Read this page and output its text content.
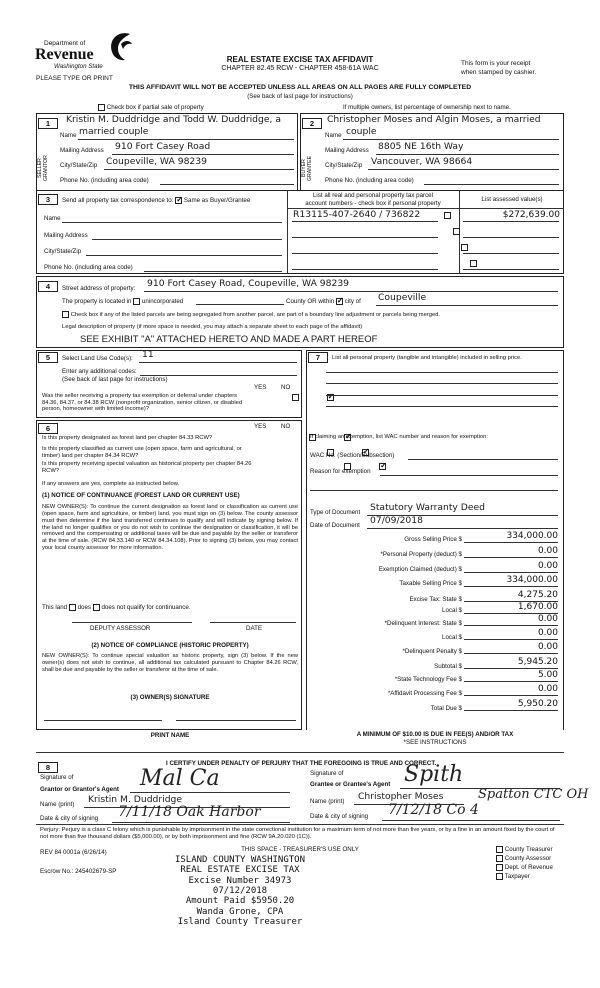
Department of
Revenue
Washington State
PLEASE TYPE OR PRINT
REAL ESTATE EXCISE TAX AFFIDAVIT
CHAPTER 82.45 RCW - CHAPTER 458-61A WAC
This form is your receipt
when stamped by cashier.
THIS AFFIDAVIT WILL NOT BE ACCEPTED UNLESS ALL AREAS ON ALL PAGES ARE FULLY COMPLETED
(See back of last page for instructions)
Check box if partial sale of property	If multiple owners, list percentage of ownership next to name.
1	2
SELLER GRANTOR	BUYER GRANTEE
Kristin M. Duddridge and Todd W. Duddridge, a
Name married couple
Mailing Address 910 Fort Casey Road
City/State/Zip Coupeville, WA 98239
Phone No. (including area code)
Christopher Moses and Algin Moses, a married
Name couple
Mailing Address 8805 NE 16th Way
City/State/Zip Vancouver, WA 98664
Phone No. (including area code)
3	Send all property tax correspondence to: ✓ Same as Buyer/Grantee
List all real and personal property tax parcel
account numbers - check box if personal property
List assessed value(s)
Name
Mailing Address
City/State/Zip
Phone No. (including area code)
R13115-407-2640 / 736822

	$272,639.00
4	Street address of property: 910 Fort Casey Road, Coupeville, WA 98239
The property is located in unincorporated	County OR within ✓ city of Coupeville
Check box if any of the listed parcels are being segregated from another parcel, are part of a boundary line adjustment or parcels being merged.
Legal description of property (if more space is needed, you may attach a separate sheet to each page of the affidavit)
SEE EXHIBIT "A" ATTACHED HERETO AND MADE A PART HEREOF
5	Select Land Use Code(s): 11
Enter any additional codes:
(See back of last page for instructions)
YES NO
Was the seller receiving a property tax exemption or deferral under chapters 84.36, 84.37, or 84.38 RCW (nonprofit organization, senior citizen, or disabled person, homeowner with limited income)?
✓
6	YES NO
Is this property designated as forest land per chapter 84.33 RCW?
✓
Is this property classified as current use (open space, farm and agricultural, or timber) land per chapter 84.34 RCW?
✓
Is this property receiving special valuation as historical property per chapter 84.26 RCW?
✓
If any answers are yes, complete as instructed below.
(1) NOTICE OF CONTINUANCE (FOREST LAND OR CURRENT USE)
NEW OWNER(S): To continue the current designation as forest land or classification as current use (open space, farm and agriculture, or timber) land, you must sign on (3) below. The county assessor must then determine if the land transferred continues to qualify and will indicate by signing below. If the land no longer qualifies or you do not wish to continue the designation or classification, it will be removed and the compensating or additional taxes will be due and payable by the seller or transferor at the time of sale. (RCW 84.33.140 or RCW 84.34.108). Prior to signing (3) below, you may contact your local county assessor for more information.
This land does does not qualify for continuance.
DEPUTY ASSESSOR	DATE
(2) NOTICE OF COMPLIANCE (HISTORIC PROPERTY)
NEW OWNER(S): To continue special valuation as historic property, sign (3) below. If the new owner(s) does not wish to continue, all additional tax calculated pursuant to Chapter 84.26 RCW, shall be due and payable by the seller or transferor at the time of sale.
(3) OWNER(S) SIGNATURE
PRINT NAME
7	List all personal property (tangible and intangible) included in selling price.
If claiming an exemption, list WAC number and reason for exemption:
WAC No. (Section/Subsection)
Reason for exemption
Type of Document Statutory Warranty Deed
Date of Document 07/09/2018
Gross Selling Price $	334,000.00
*Personal Property (deduct) $	0.00
Exemption Claimed (deduct) $	0.00
Taxable Selling Price $	334,000.00
Excise Tax: State $	4,275.20
Local $	1,670.00
*Delinquent Interest: State $	0.00
Local $	0.00
*Delinquent Penalty $	0.00
Subtotal $	5,945.20
*State Technology Fee $	5.00
*Affidavit Processing Fee $	0.00
Total Due $	5,950.20
A MINIMUM OF $10.00 IS DUE IN FEE(S) AND/OR TAX
*SEE INSTRUCTIONS
8	I CERTIFY UNDER PENALTY OF PERJURY THAT THE FOREGOING IS TRUE AND CORRECT.
Signature of
Grantor or Grantor's Agent Mal Ca
Name (print) Kristin M. Duddridge
Date & city of signing 7/11/18 Oak Harbor
Signature of
Grantee or Grantee's Agent Spith
Name (print) Christopher Moses	Spatton CTC OH
Date & city of signing 7/12/18 Co 4
Perjury: Perjury is a class C felony which is punishable by imprisonment in the state correctional institution for a maximum term of not more than five years, or by a fine in an amount fixed by the court of not more than five thousand dollars ($5,000.00), or by both imprisonment and fine (RCW 9A.20.020 (1C)).
REV 84 0001a (6/26/14)	THIS SPACE - TREASURER'S USE ONLY
Escrow No.: 245402679-SP
ISLAND COUNTY WASHINGTON
REAL ESTATE EXCISE TAX
Excise Number 34973
07/12/2018
Amount Paid $5950.20
Wanda Grone, CPA
Island County Treasurer
County Treasurer
County Assessor
Dept. of Revenue
Taxpayer
